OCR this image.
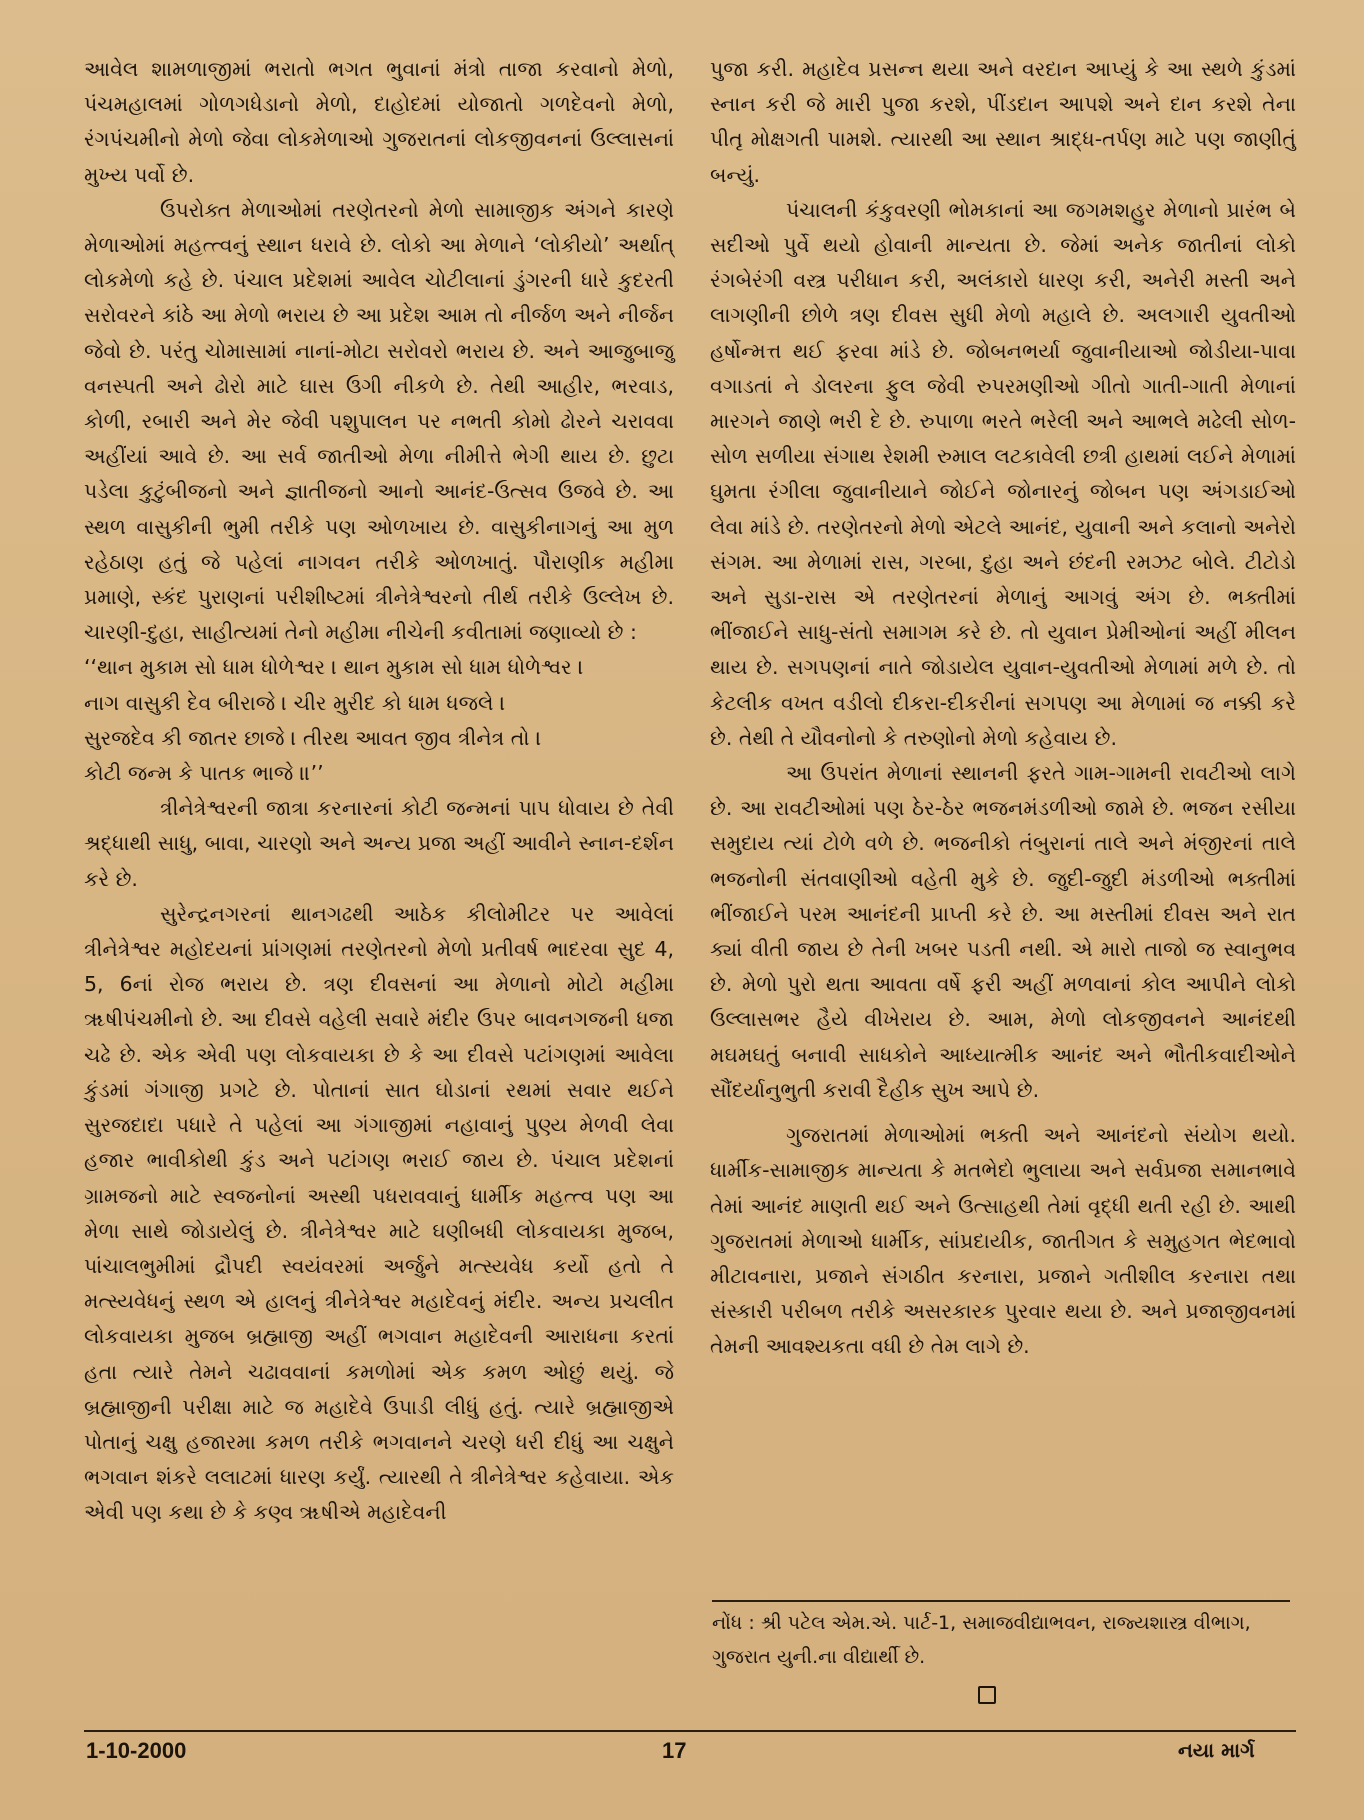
આવેલ શામળાજીમાં ભરાતો ભગત ભુવાનાં મંત્રો તાજા કરવાનો મેળો, પંચમહાલમાં ગોળગધેડાનો મેળો, દાહોદમાં યોજાતો ગળદેવનો મેળો, રંગપંચમીનો મેળો જેવા લોકમેળાઓ ગુજરાતનાં લોકજીવનનાં ઉલ્લાસનાં મુખ્ય પર્વો છે.

ઉપરોક્ત મેળાઓમાં તરણેતરનો મેળો સામાજીક અંગને કારણે મેળાઓમાં મહત્ત્વનું સ્થાન ધરાવે છે. લોકો આ મેળાને ‘લોકીયો’ અર્થાત્ લોકમેળો કહે છે. પંચાલ પ્રદેશમાં આવેલ ચોટીલાનાં ડુંગરની ધારે કુદરતી સરોવરને કાંઠે આ મેળો ભરાય છે આ પ્રદેશ આમ તો નીર્જળ અને નીર્જન જેવો છે. પરંતુ ચોમાસામાં નાનાં-મોટા સરોવરો ભરાય છે. અને આજુબાજુ વનસ્પતી અને ઢોરો માટે ઘાસ ઉગી નીકળે છે. તેથી આહીર, ભરવાડ, કોળી, રબારી અને મેર જેવી પશુપાલન પર નભતી કોમો ઢોરને ચરાવવા અહીંયાં આવે છે. આ સર્વ જાતીઓ મેળા નીમીત્તે ભેગી થાય છે. છુટા પડેલા કુટુંબીજનો અને જ્ઞાતીજનો આનો આનંદ-ઉત્સવ ઉજવે છે. આ સ્થળ વાસુકીની ભુમી તરીકે પણ ઓળખાય છે. વાસુકીનાગનું આ મુળ રહેઠાણ હતું જે પહેલાં નાગવન તરીકે ઓળખાતું. પૌરાણીક મહીમા પ્રમાણે, સ્કંદ પુરાણનાં પરીશીષ્ટમાં ત્રીનેત્રેશ્વરનો તીર્થ તરીકે ઉલ્લેખ છે. ચારણી-દુહા, સાહીત્યમાં તેનો મહીમા નીચેની કવીતામાં જણાવ્યો છે :

‘‘થાન મુકામ સો ધામ ધોળેશ્વર । થાન મુકામ સો ધામ ધોળેશ્વર ।
નાગ વાસુકી દેવ બીરાજે । ચીર મુરીદ કો ધામ ધજલે ।
સુરજદેવ કી જાતર છાજે । તીરથ આવત જીવ ત્રીનેત્ર તો ।
કોટી જન્મ કે પાતક ભાજે ॥’’

ત્રીનેત્રેશ્વરની જાત્રા કરનારનાં કોટી જન્મનાં પાપ ધોવાય છે તેવી શ્રદ્ધાથી સાધુ, બાવા, ચારણો અને અન્ય પ્રજા અહીં આવીને સ્નાન-દર્શન કરે છે.

સુરેન્દ્રનગરનાં થાનગઢથી આઠેક કીલોમીટર પર આવેલાં ત્રીનેત્રેશ્વર મહોદયનાં પ્રાંગણમાં તરણેતરનો મેળો પ્રતીવર્ષ ભાદરવા સુદ 4, 5, 6નાં રોજ ભરાય છે. ત્રણ દીવસનાં આ મેળાનો મોટો મહીમા ૠષીપંચમીનો છે. આ દીવસે વહેલી સવારે મંદીર ઉપર બાવનગજની ધજા ચઢે છે. એક એવી પણ લોકવાયકા છે કે આ દીવસે પટાંગણમાં આવેલા કુંડમાં ગંગાજી પ્રગટે છે. પોતાનાં સાત ઘોડાનાં રથમાં સવાર થઈને સુરજદાદા પધારે તે પહેલાં આ ગંગાજીમાં નહાવાનું પુણ્ય મેળવી લેવા હજાર ભાવીકોથી કુંડ અને પટાંગણ ભરાઈ જાય છે. પંચાલ પ્રદેશનાં ગ્રામજનો માટે સ્વજનોનાં અસ્થી પધરાવવાનું ધાર્મીક મહત્ત્વ પણ આ મેળા સાથે જોડાયેલું છે. ત્રીનેત્રેશ્વર માટે ઘણીબધી લોકવાયકા મુજબ, પાંચાલભુમીમાં દ્રૌપદી સ્વયંવરમાં અર્જુને મત્સ્યવેધ કર્યો હતો તે મત્સ્યવેધનું સ્થળ એ હાલનું ત્રીનેત્રેશ્વર મહાદેવનું મંદીર. અન્ય પ્રચલીત લોકવાયકા મુજબ બ્રહ્માજી અહીં ભગવાન મહાદેવની આરાધના કરતાં હતા ત્યારે તેમને ચઢાવવાનાં કમળોમાં એક કમળ ઓછું થયું. જે બ્રહ્માજીની પરીક્ષા માટે જ મહાદેવે ઉપાડી લીધું હતું. ત્યારે બ્રહ્માજીએ પોતાનું ચક્ષુ હજારમા કમળ તરીકે ભગવાનને ચરણે ધરી દીધું આ ચક્ષુને ભગવાન શંકરે લલાટમાં ધારણ કર્યું. ત્યારથી તે ત્રીનેત્રેશ્વર કહેવાયા. એક એવી પણ કથા છે કે કણ્વ ૠષીએ મહાદેવની

પુજા કરી. મહાદેવ પ્રસન્ન થયા અને વરદાન આપ્યું કે આ સ્થળે કુંડમાં સ્નાન કરી જે મારી પુજા કરશે, પીંડદાન આપશે અને દાન કરશે તેના પીતૃ મોક્ષગતી પામશે. ત્યારથી આ સ્થાન શ્રાદ્ધ-તર્પણ માટે પણ જાણીતું બન્યું.

પંચાલની કંકુવરણી ભોમકાનાં આ જગમશહુર મેળાનો પ્રારંભ બે સદીઓ પુર્વે થયો હોવાની માન્યતા છે. જેમાં અનેક જાતીનાં લોકો રંગબેરંગી વસ્ત્ર પરીધાન કરી, અલંકારો ધારણ કરી, અનેરી મસ્તી અને લાગણીની છોળે ત્રણ દીવસ સુધી મેળો મહાલે છે. અલગારી યુવતીઓ હર્ષોન્મત્ત થઈ ફરવા માંડે છે. જોબનભર્યા જુવાનીયાઓ જોડીયા-પાવા વગાડતાં ને ડોલરના ફુલ જેવી રુપરમણીઓ ગીતો ગાતી-ગાતી મેળાનાં મારગને જાણે ભરી દે છે. રુપાળા ભરતે ભરેલી અને આભલે મઢેલી સોળ-સોળ સળીયા સંગાથ રેશમી રુમાલ લટકાવેલી છત્રી હાથમાં લઈને મેળામાં ઘુમતા રંગીલા જુવાનીયાને જોઈને જોનારનું જોબન પણ અંગડાઈઓ લેવા માંડે છે. તરણેતરનો મેળો એટલે આનંદ, યુવાની અને કલાનો અનેરો સંગમ. આ મેળામાં રાસ, ગરબા, દુહા અને છંદની રમઝટ બોલે. ટીટોડો અને સુડા-રાસ એ તરણેતરનાં મેળાનું આગવું અંગ છે. ભક્તીમાં ભીંજાઈને સાધુ-સંતો સમાગમ કરે છે. તો યુવાન પ્રેમીઓનાં અહીં મીલન થાય છે. સગપણનાં નાતે જોડાયેલ યુવાન-યુવતીઓ મેળામાં મળે છે. તો કેટલીક વખત વડીલો દીકરા-દીકરીનાં સગપણ આ મેળામાં જ નક્કી કરે છે. તેથી તે યૌવનોનો કે તરુણોનો મેળો કહેવાય છે.

આ ઉપરાંત મેળાનાં સ્થાનની ફરતે ગામ-ગામની રાવટીઓ લાગે છે. આ રાવટીઓમાં પણ ઠેર-ઠેર ભજનમંડળીઓ જામે છે. ભજન રસીયા સમુદાય ત્યાં ટોળે વળે છે. ભજનીકો તંબુરાનાં તાલે અને મંજીરનાં તાલે ભજનોની સંતવાણીઓ વહેતી મુકે છે. જુદી-જુદી મંડળીઓ ભક્તીમાં ભીંજાઈને પરમ આનંદની પ્રાપ્તી કરે છે. આ મસ્તીમાં દીવસ અને રાત ક્યાં વીતી જાય છે તેની ખબર પડતી નથી. એ મારો તાજો જ સ્વાનુભવ છે. મેળો પુરો થતા આવતા વર્ષે ફરી અહીં મળવાનાં કોલ આપીને લોકો ઉલ્લાસભર હૈયે વીખેરાય છે. આમ, મેળો લોકજીવનને આનંદથી મઘમઘતું બનાવી સાધકોને આધ્યાત્મીક આનંદ અને ભૌતીકવાદીઓને સૌંદર્યાનુભુતી કરાવી દૈહીક સુખ આપે છે.

ગુજરાતમાં મેળાઓમાં ભક્તી અને આનંદનો સંયોગ થયો. ધાર્મીક-સામાજીક માન્યતા કે મતભેદો ભુલાયા અને સર્વપ્રજા સમાનભાવે તેમાં આનંદ માણતી થઈ અને ઉત્સાહથી તેમાં વૃદ્ધી થતી રહી છે. આથી ગુજરાતમાં મેળાઓ ધાર્મીક, સાંપ્રદાયીક, જાતીગત કે સમુહગત ભેદભાવો મીટાવનારા, પ્રજાને સંગઠીત કરનારા, પ્રજાને ગતીશીલ કરનારા તથા સંસ્કારી પરીબળ તરીકે અસરકારક પુરવાર થયા છે. અને પ્રજાજીવનમાં તેમની આવશ્યકતા વધી છે તેમ લાગે છે.

નોંધ : શ્રી પટેલ એમ.એ. પાર્ટ-1, સમાજવીદ્યાભવન, રાજ્યશાસ્ત્ર વીભાગ, ગુજરાત યુની.ના વીદ્યાર્થી છે.
1-10-2000	17	નયા માર્ગ
